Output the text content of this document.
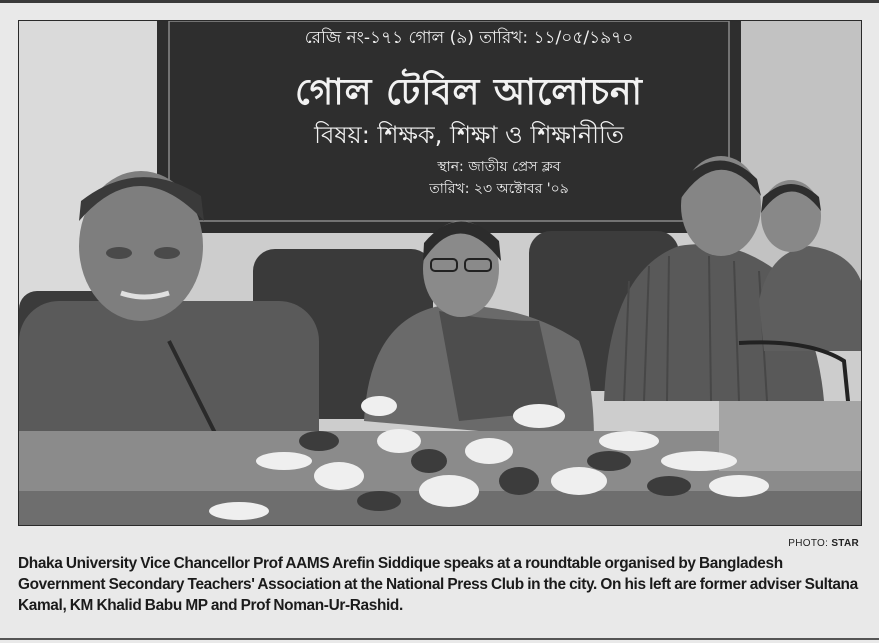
রেজি নং-১৭১ গোল (৯) তারিখ: ১১/০৫/১৯৭০
গোল টেবিল আলোচনা
বিষয়: শিক্ষক, শিক্ষা ও শিক্ষানীতি
স্থান: জাতীয় প্রেস ক্লব
তারিখ: ২৩ অক্টোবর '০৯
PHOTO: STAR
Dhaka University Vice Chancellor Prof AAMS Arefin Siddique speaks at a roundtable organised by Bangladesh Government Secondary Teachers' Association at the National Press Club in the city. On his left are former adviser Sultana Kamal, KM Khalid Babu MP and Prof Noman-Ur-Rashid.
